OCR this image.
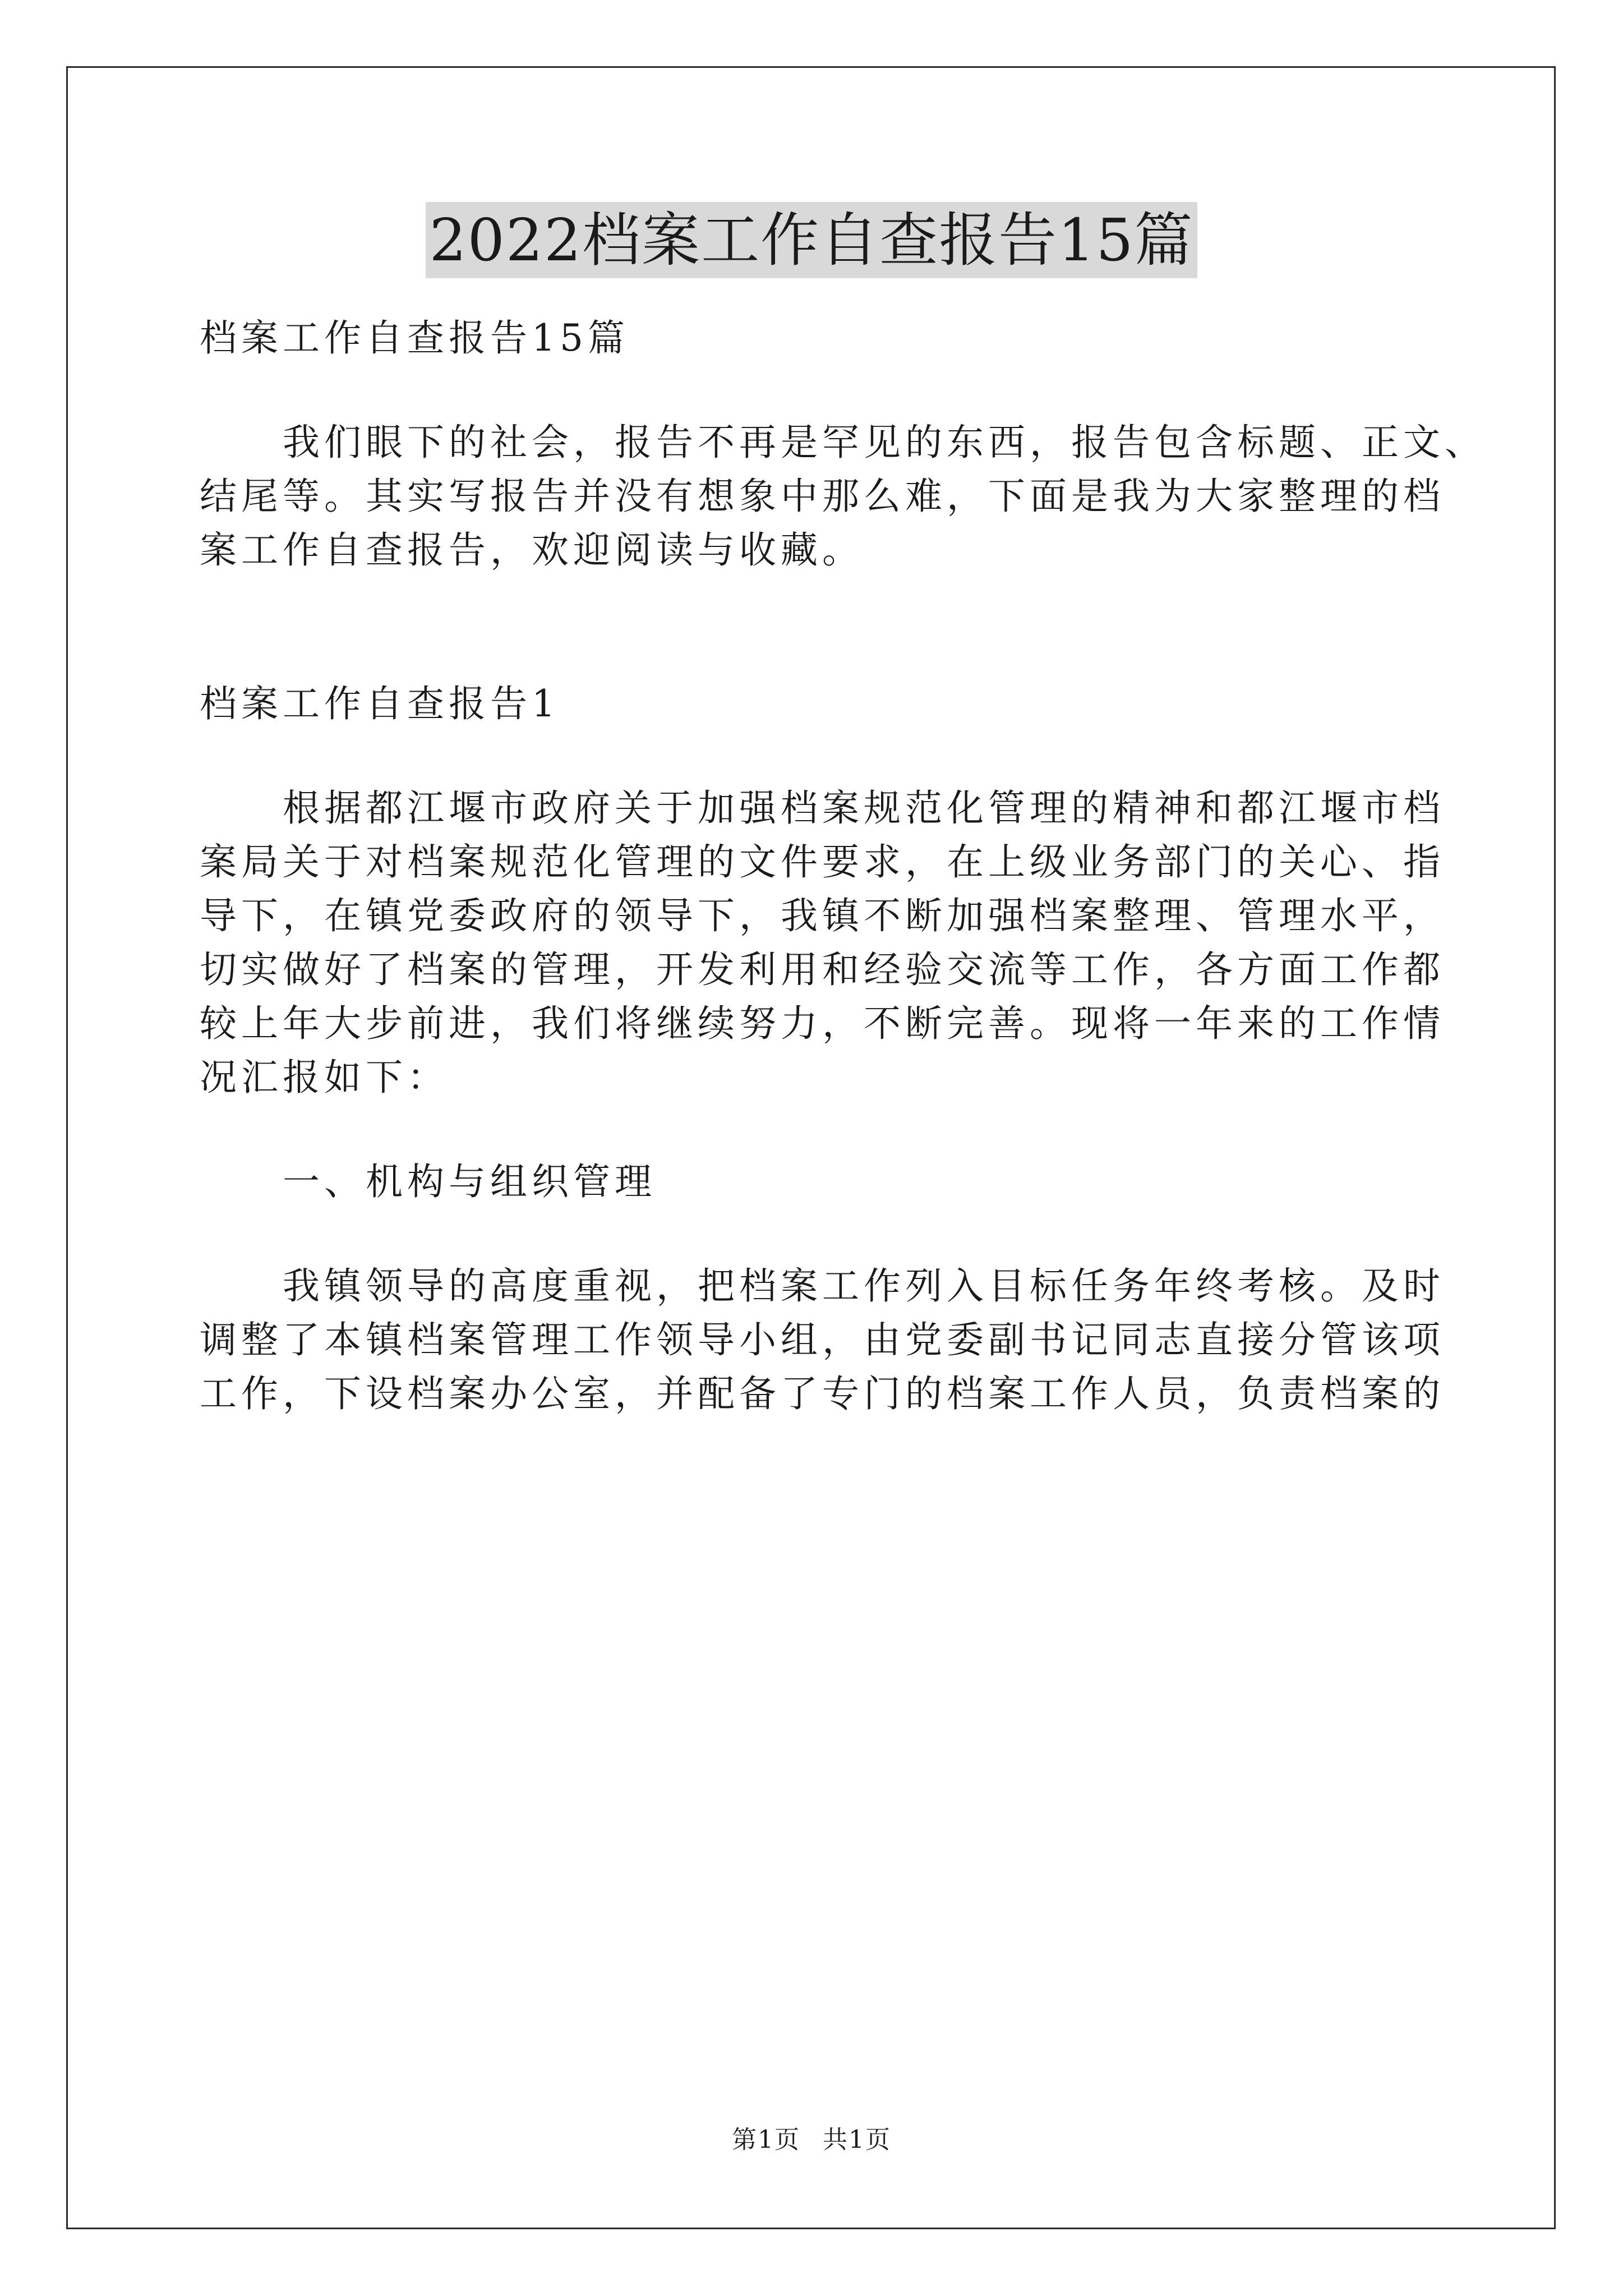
2022档案工作自查报告15篇

档案工作自查报告15篇

我们眼下的社会，报告不再是罕见的东西，报告包含标题、正文、

结尾等。其实写报告并没有想象中那么难，下面是我为大家整理的档

案工作自查报告，欢迎阅读与收藏。

档案工作自查报告1

根据都江堰市政府关于加强档案规范化管理的精神和都江堰市档

案局关于对档案规范化管理的文件要求，在上级业务部门的关心、指

导下，在镇党委政府的领导下，我镇不断加强档案整理、管理水平，

切实做好了档案的管理，开发利用和经验交流等工作，各方面工作都

较上年大步前进，我们将继续努力，不断完善。现将一年来的工作情

况汇报如下：

一、机构与组织管理

我镇领导的高度重视，把档案工作列入目标任务年终考核。及时

调整了本镇档案管理工作领导小组，由党委副书记同志直接分管该项

工作，下设档案办公室，并配备了专门的档案工作人员，负责档案的

第1页 共1页
